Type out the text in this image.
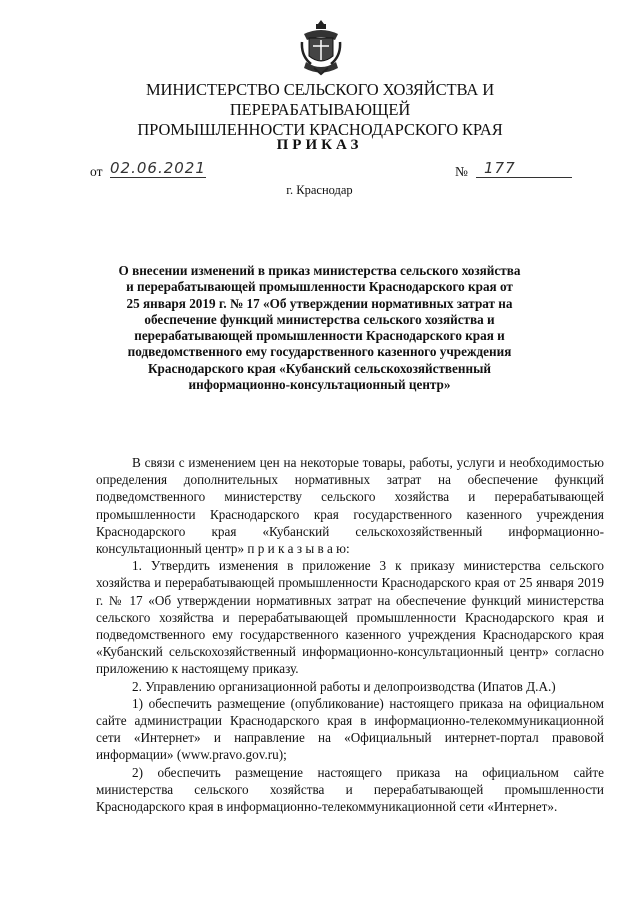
МИНИСТЕРСТВО СЕЛЬСКОГО ХОЗЯЙСТВА И ПЕРЕРАБАТЫВАЮЩЕЙ
ПРОМЫШЛЕННОСТИ КРАСНОДАРСКОГО КРАЯ
ПРИКАЗ
от 02.06.2021	№	177
г. Краснодар
О внесении изменений в приказ министерства сельского хозяйства и перерабатывающей промышленности Краснодарского края от 25 января 2019 г. № 17 «Об утверждении нормативных затрат на обеспечение функций министерства сельского хозяйства и перерабатывающей промышленности Краснодарского края и подведомственного ему государственного казенного учреждения Краснодарского края «Кубанский сельскохозяйственный информационно-консультационный центр»

В связи с изменением цен на некоторые товары, работы, услуги и необходимостью определения дополнительных нормативных затрат на обеспечение функций подведомственного министерству сельского хозяйства и перерабатывающей промышленности Краснодарского края государственного казенного учреждения Краснодарского края «Кубанский сельскохозяйственный информационно-консультационный центр» п р и к а з ы в а ю:

1. Утвердить изменения в приложение 3 к приказу министерства сельского хозяйства и перерабатывающей промышленности Краснодарского края от 25 января 2019 г. № 17 «Об утверждении нормативных затрат на обеспечение функций министерства сельского хозяйства и перерабатывающей промышленности Краснодарского края и подведомственного ему государственного казенного учреждения Краснодарского края «Кубанский сельскохозяйственный информационно-консультационный центр» согласно приложению к настоящему приказу.

2. Управлению организационной работы и делопроизводства (Ипатов Д.А.)

1) обеспечить размещение (опубликование) настоящего приказа на официальном сайте администрации Краснодарского края в информационно-телекоммуникационной сети «Интернет» и направление на «Официальный интернет-портал правовой информации» (www.pravo.gov.ru);

2) обеспечить размещение настоящего приказа на официальном сайте министерства сельского хозяйства и перерабатывающей промышленности Краснодарского края в информационно-телекоммуникационной сети «Интернет».
